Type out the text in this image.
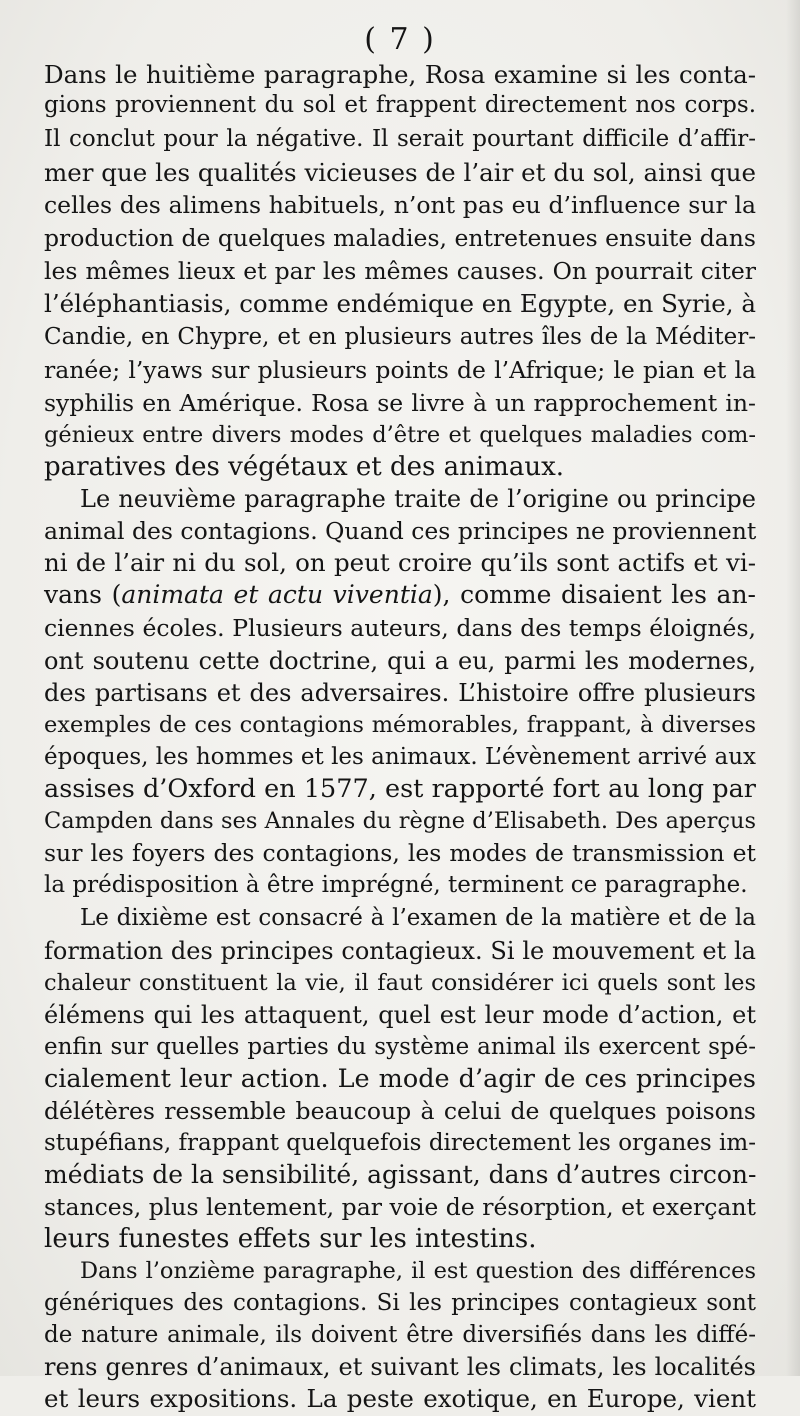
( 7 )
Dans le huitième paragraphe, Rosa examine si les conta-
gions proviennent du sol et frappent directement nos corps.
Il conclut pour la négative. Il serait pourtant difficile d’affir-
mer que les qualités vicieuses de l’air et du sol, ainsi que
celles des alimens habituels, n’ont pas eu d’influence sur la
production de quelques maladies, entretenues ensuite dans
les mêmes lieux et par les mêmes causes. On pourrait citer
l’éléphantiasis, comme endémique en Egypte, en Syrie, à
Candie, en Chypre, et en plusieurs autres îles de la Méditer-
ranée; l’yaws sur plusieurs points de l’Afrique; le pian et la
syphilis en Amérique. Rosa se livre à un rapprochement in-
génieux entre divers modes d’être et quelques maladies com-
paratives des végétaux et des animaux.
Le neuvième paragraphe traite de l’origine ou principe
animal des contagions. Quand ces principes ne proviennent
ni de l’air ni du sol, on peut croire qu’ils sont actifs et vi-
vans (animata et actu viventia), comme disaient les an-
ciennes écoles. Plusieurs auteurs, dans des temps éloignés,
ont soutenu cette doctrine, qui a eu, parmi les modernes,
des partisans et des adversaires. L’histoire offre plusieurs
exemples de ces contagions mémorables, frappant, à diverses
époques, les hommes et les animaux. L’évènement arrivé aux
assises d’Oxford en 1577, est rapporté fort au long par
Campden dans ses Annales du règne d’Elisabeth. Des aperçus
sur les foyers des contagions, les modes de transmission et
la prédisposition à être imprégné, terminent ce paragraphe.
Le dixième est consacré à l’examen de la matière et de la
formation des principes contagieux. Si le mouvement et la
chaleur constituent la vie, il faut considérer ici quels sont les
élémens qui les attaquent, quel est leur mode d’action, et
enfin sur quelles parties du système animal ils exercent spé-
cialement leur action. Le mode d’agir de ces principes
délétères ressemble beaucoup à celui de quelques poisons
stupéfians, frappant quelquefois directement les organes im-
médiats de la sensibilité, agissant, dans d’autres circon-
stances, plus lentement, par voie de résorption, et exerçant
leurs funestes effets sur les intestins.
Dans l’onzième paragraphe, il est question des différences
génériques des contagions. Si les principes contagieux sont
de nature animale, ils doivent être diversifiés dans les diffé-
rens genres d’animaux, et suivant les climats, les localités
et leurs expositions. La peste exotique, en Europe, vient
